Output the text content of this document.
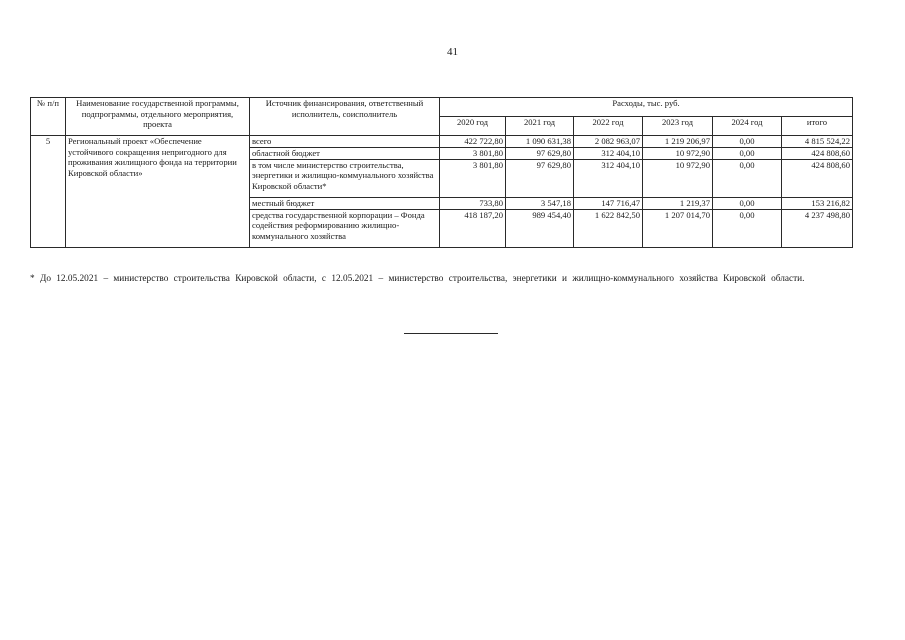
41
№ п/п	Наименование государственной программы, подпрограммы, отдельного мероприятия, проекта	Источник финансирования, ответственный исполнитель, соисполнитель	Расходы, тыс. руб.					
			2020 год	2021 год	2022 год	2023 год	2024 год	итого
5	Региональный проект «Обеспечение устойчивого сокращения непригодного для проживания жилищного фонда на территории Кировской области»	всего	422 722,80	1 090 631,38	2 082 963,07	1 219 206,97	0,00	4 815 524,22
		областной бюджет	3 801,80	97 629,80	312 404,10	10 972,90	0,00	424 808,60
		в том числе министерство строительства, энергетики и жилищно-коммунального хозяйства Кировской области*	3 801,80	97 629,80	312 404,10	10 972,90	0,00	424 808,60
		местный бюджет	733,80	3 547,18	147 716,47	1 219,37	0,00	153 216,82
		средства государственной корпорации – Фонда содействия реформированию жилищно-коммунального хозяйства	418 187,20	989 454,40	1 622 842,50	1 207 014,70	0,00	4 237 498,80
* До 12.05.2021 – министерство строительства Кировской области, с 12.05.2021 – министерство строительства, энергетики и жилищно-коммунального хозяйства Кировской области.
